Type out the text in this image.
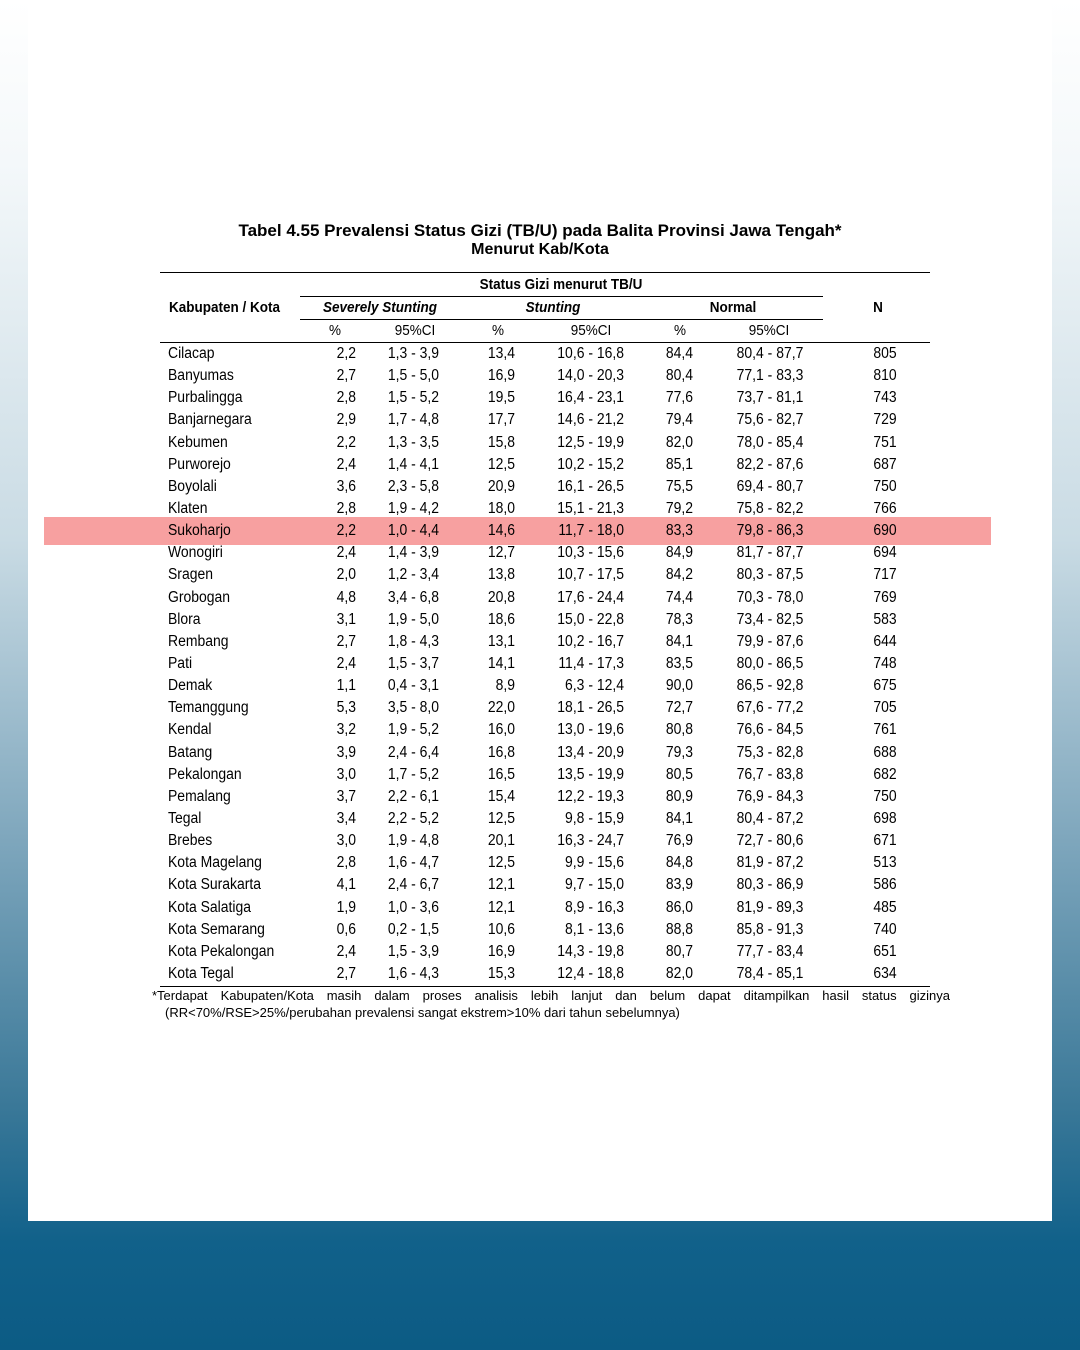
Tabel 4.55 Prevalensi Status Gizi (TB/U) pada Balita Provinsi Jawa Tengah*
Menurut Kab/Kota
Status Gizi menurut TB/U
Kabupaten / Kota	Severely Stunting	Stunting	Normal	N
%	95%CI	%	95%CI	%	95%CI
Cilacap	2,2	1,3 - 3,9	13,4	10,6 - 16,8	84,4	80,4 - 87,7	805
Banyumas	2,7	1,5 - 5,0	16,9	14,0 - 20,3	80,4	77,1 - 83,3	810
Purbalingga	2,8	1,5 - 5,2	19,5	16,4 - 23,1	77,6	73,7 - 81,1	743
Banjarnegara	2,9	1,7 - 4,8	17,7	14,6 - 21,2	79,4	75,6 - 82,7	729
Kebumen	2,2	1,3 - 3,5	15,8	12,5 - 19,9	82,0	78,0 - 85,4	751
Purworejo	2,4	1,4 - 4,1	12,5	10,2 - 15,2	85,1	82,2 - 87,6	687
Boyolali	3,6	2,3 - 5,8	20,9	16,1 - 26,5	75,5	69,4 - 80,7	750
Klaten	2,8	1,9 - 4,2	18,0	15,1 - 21,3	79,2	75,8 - 82,2	766
Sukoharjo	2,2	1,0 - 4,4	14,6	11,7 - 18,0	83,3	79,8 - 86,3	690
Wonogiri	2,4	1,4 - 3,9	12,7	10,3 - 15,6	84,9	81,7 - 87,7	694
Sragen	2,0	1,2 - 3,4	13,8	10,7 - 17,5	84,2	80,3 - 87,5	717
Grobogan	4,8	3,4 - 6,8	20,8	17,6 - 24,4	74,4	70,3 - 78,0	769
Blora	3,1	1,9 - 5,0	18,6	15,0 - 22,8	78,3	73,4 - 82,5	583
Rembang	2,7	1,8 - 4,3	13,1	10,2 - 16,7	84,1	79,9 - 87,6	644
Pati	2,4	1,5 - 3,7	14,1	11,4 - 17,3	83,5	80,0 - 86,5	748
Demak	1,1	0,4 - 3,1	8,9	6,3 - 12,4	90,0	86,5 - 92,8	675
Temanggung	5,3	3,5 - 8,0	22,0	18,1 - 26,5	72,7	67,6 - 77,2	705
Kendal	3,2	1,9 - 5,2	16,0	13,0 - 19,6	80,8	76,6 - 84,5	761
Batang	3,9	2,4 - 6,4	16,8	13,4 - 20,9	79,3	75,3 - 82,8	688
Pekalongan	3,0	1,7 - 5,2	16,5	13,5 - 19,9	80,5	76,7 - 83,8	682
Pemalang	3,7	2,2 - 6,1	15,4	12,2 - 19,3	80,9	76,9 - 84,3	750
Tegal	3,4	2,2 - 5,2	12,5	9,8 - 15,9	84,1	80,4 - 87,2	698
Brebes	3,0	1,9 - 4,8	20,1	16,3 - 24,7	76,9	72,7 - 80,6	671
Kota Magelang	2,8	1,6 - 4,7	12,5	9,9 - 15,6	84,8	81,9 - 87,2	513
Kota Surakarta	4,1	2,4 - 6,7	12,1	9,7 - 15,0	83,9	80,3 - 86,9	586
Kota Salatiga	1,9	1,0 - 3,6	12,1	8,9 - 16,3	86,0	81,9 - 89,3	485
Kota Semarang	0,6	0,2 - 1,5	10,6	8,1 - 13,6	88,8	85,8 - 91,3	740
Kota Pekalongan	2,4	1,5 - 3,9	16,9	14,3 - 19,8	80,7	77,7 - 83,4	651
Kota Tegal	2,7	1,6 - 4,3	15,3	12,4 - 18,8	82,0	78,4 - 85,1	634
*Terdapat Kabupaten/Kota masih dalam proses analisis lebih lanjut dan belum dapat ditampilkan hasil status gizinya
(RR<70%/RSE>25%/perubahan prevalensi sangat ekstrem>10% dari tahun sebelumnya)
